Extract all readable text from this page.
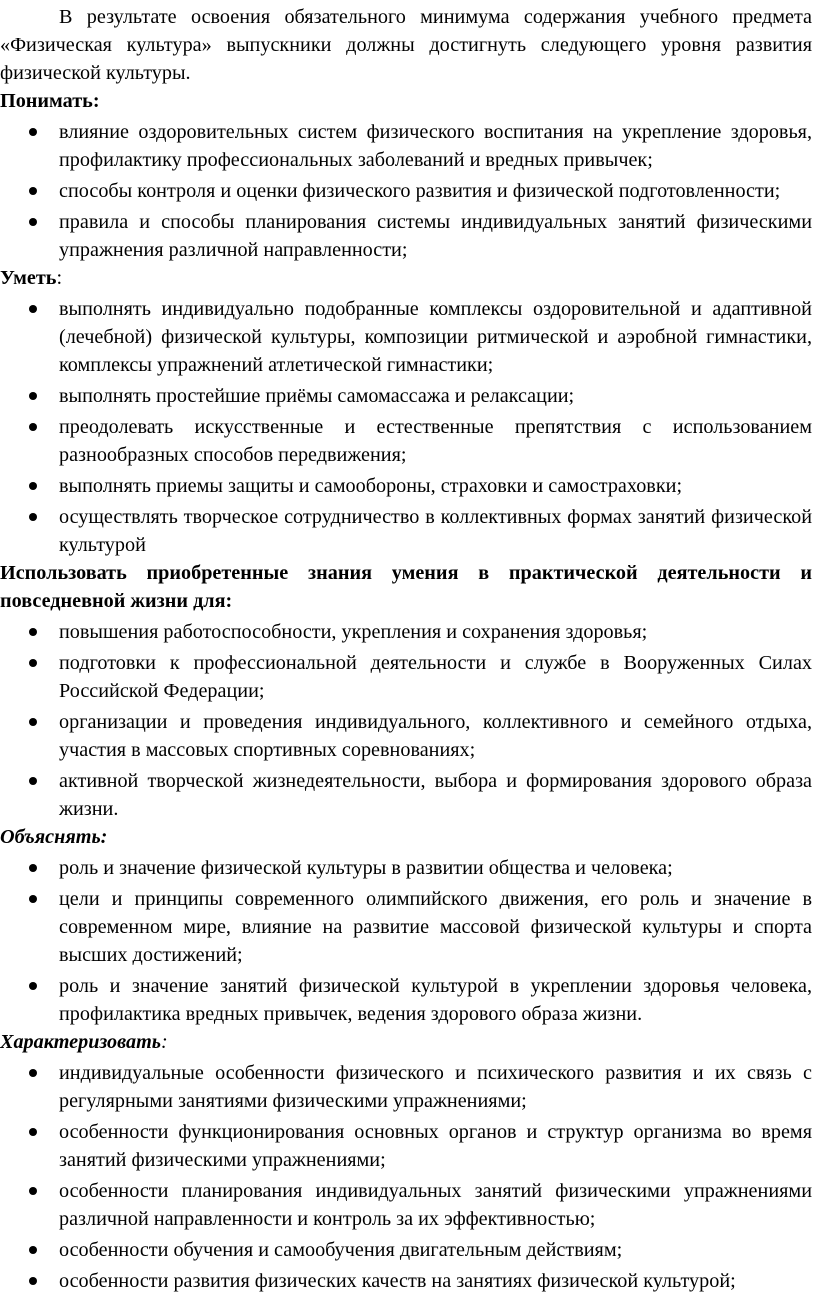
В результате освоения обязательного минимума содержания учебного предмета «Физическая культура» выпускники должны достигнуть следующего уровня развития физической культуры.

Понимать:

влияние оздоровительных систем физического воспитания на укрепление здоровья, профилактику профессиональных заболеваний и вредных привычек;
способы контроля и оценки физического развития и физической подготовленности;
правила и способы планирования системы индивидуальных занятий физическими упражнения различной направленности;

Уметь:

выполнять индивидуально подобранные комплексы оздоровительной и адаптивной (лечебной) физической культуры, композиции ритмической и аэробной гимнастики, комплексы упражнений атлетической гимнастики;
выполнять простейшие приёмы самомассажа и релаксации;
преодолевать искусственные и естественные препятствия с использованием разнообразных способов передвижения;
выполнять приемы защиты и самообороны, страховки и самостраховки;
осуществлять творческое сотрудничество в коллективных формах занятий физической культурой

Использовать приобретенные знания умения в практической деятельности и повседневной жизни для:

повышения работоспособности, укрепления и сохранения здоровья;
подготовки к профессиональной деятельности и службе в Вооруженных Силах Российской Федерации;
организации и проведения индивидуального, коллективного и семейного отдыха, участия в массовых спортивных соревнованиях;
активной творческой жизнедеятельности, выбора и формирования здорового образа жизни.

Объяснять:

роль и значение физической культуры в развитии общества и человека;
цели и принципы современного олимпийского движения, его роль и значение в современном мире, влияние на развитие массовой физической культуры и спорта высших достижений;
роль и значение занятий физической культурой в укреплении здоровья человека, профилактика вредных привычек, ведения здорового образа жизни.

Характеризовать:

индивидуальные особенности физического и психического развития и их связь с регулярными занятиями физическими упражнениями;
особенности функционирования основных органов и структур организма во время занятий физическими упражнениями;
особенности планирования индивидуальных занятий физическими упражнениями различной направленности и контроль за их эффективностью;
особенности обучения и самообучения двигательным действиям;
особенности развития физических качеств на занятиях физической культурой;
